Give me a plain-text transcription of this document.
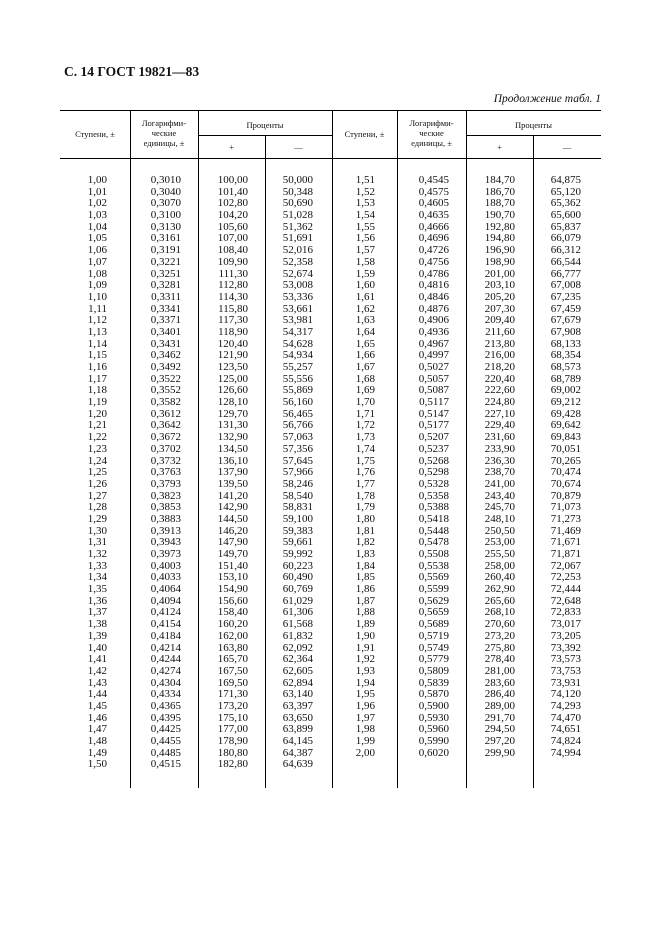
С. 14 ГОСТ 19821—83
Продолжение табл. 1
Ступени, ±
Логарифми-
ческие
единицы, ±
Проценты
+	—
Ступени, ±
Логарифми-
ческие
единицы, ±
Проценты
+	—
1,00
1,01
1,02
1,03
1,04
1,05
1,06
1,07
1,08
1,09
1,10
1,11
1,12
1,13
1,14
1,15
1,16
1,17
1,18
1,19
1,20
1,21
1,22
1,23
1,24
1,25
1,26
1,27
1,28
1,29
1,30
1,31
1,32
1,33
1,34
1,35
1,36
1,37
1,38
1,39
1,40
1,41
1,42
1,43
1,44
1,45
1,46
1,47
1,48
1,49
1,50
0,3010
0,3040
0,3070
0,3100
0,3130
0,3161
0,3191
0,3221
0,3251
0,3281
0,3311
0,3341
0,3371
0,3401
0,3431
0,3462
0,3492
0,3522
0,3552
0,3582
0,3612
0,3642
0,3672
0,3702
0,3732
0,3763
0,3793
0,3823
0,3853
0,3883
0,3913
0,3943
0,3973
0,4003
0,4033
0,4064
0,4094
0,4124
0,4154
0,4184
0,4214
0,4244
0,4274
0,4304
0,4334
0,4365
0,4395
0,4425
0,4455
0,4485
0,4515
100,00
101,40
102,80
104,20
105,60
107,00
108,40
109,90
111,30
112,80
114,30
115,80
117,30
118,90
120,40
121,90
123,50
125,00
126,60
128,10
129,70
131,30
132,90
134,50
136,10
137,90
139,50
141,20
142,90
144,50
146,20
147,90
149,70
151,40
153,10
154,90
156,60
158,40
160,20
162,00
163,80
165,70
167,50
169,50
171,30
173,20
175,10
177,00
178,90
180,80
182,80
50,000
50,348
50,690
51,028
51,362
51,691
52,016
52,358
52,674
53,008
53,336
53,661
53,981
54,317
54,628
54,934
55,257
55,556
55,869
56,160
56,465
56,766
57,063
57,356
57,645
57,966
58,246
58,540
58,831
59,100
59,383
59,661
59,992
60,223
60,490
60,769
61,029
61,306
61,568
61,832
62,092
62,364
62,605
62,894
63,140
63,397
63,650
63,899
64,145
64,387
64,639
1,51
1,52
1,53
1,54
1,55
1,56
1,57
1,58
1,59
1,60
1,61
1,62
1,63
1,64
1,65
1,66
1,67
1,68
1,69
1,70
1,71
1,72
1,73
1,74
1,75
1,76
1,77
1,78
1,79
1,80
1,81
1,82
1,83
1,84
1,85
1,86
1,87
1,88
1,89
1,90
1,91
1,92
1,93
1,94
1,95
1,96
1,97
1,98
1,99
2,00
0,4545
0,4575
0,4605
0,4635
0,4666
0,4696
0,4726
0,4756
0,4786
0,4816
0,4846
0,4876
0,4906
0,4936
0,4967
0,4997
0,5027
0,5057
0,5087
0,5117
0,5147
0,5177
0,5207
0,5237
0,5268
0,5298
0,5328
0,5358
0,5388
0,5418
0,5448
0,5478
0,5508
0,5538
0,5569
0,5599
0,5629
0,5659
0,5689
0,5719
0,5749
0,5779
0,5809
0,5839
0,5870
0,5900
0,5930
0,5960
0,5990
0,6020
184,70
186,70
188,70
190,70
192,80
194,80
196,90
198,90
201,00
203,10
205,20
207,30
209,40
211,60
213,80
216,00
218,20
220,40
222,60
224,80
227,10
229,40
231,60
233,90
236,30
238,70
241,00
243,40
245,70
248,10
250,50
253,00
255,50
258,00
260,40
262,90
265,60
268,10
270,60
273,20
275,80
278,40
281,00
283,60
286,40
289,00
291,70
294,50
297,20
299,90
64,875
65,120
65,362
65,600
65,837
66,079
66,312
66,544
66,777
67,008
67,235
67,459
67,679
67,908
68,133
68,354
68,573
68,789
69,002
69,212
69,428
69,642
69,843
70,051
70,265
70,474
70,674
70,879
71,073
71,273
71,469
71,671
71,871
72,067
72,253
72,444
72,648
72,833
73,017
73,205
73,392
73,573
73,753
73,931
74,120
74,293
74,470
74,651
74,824
74,994
